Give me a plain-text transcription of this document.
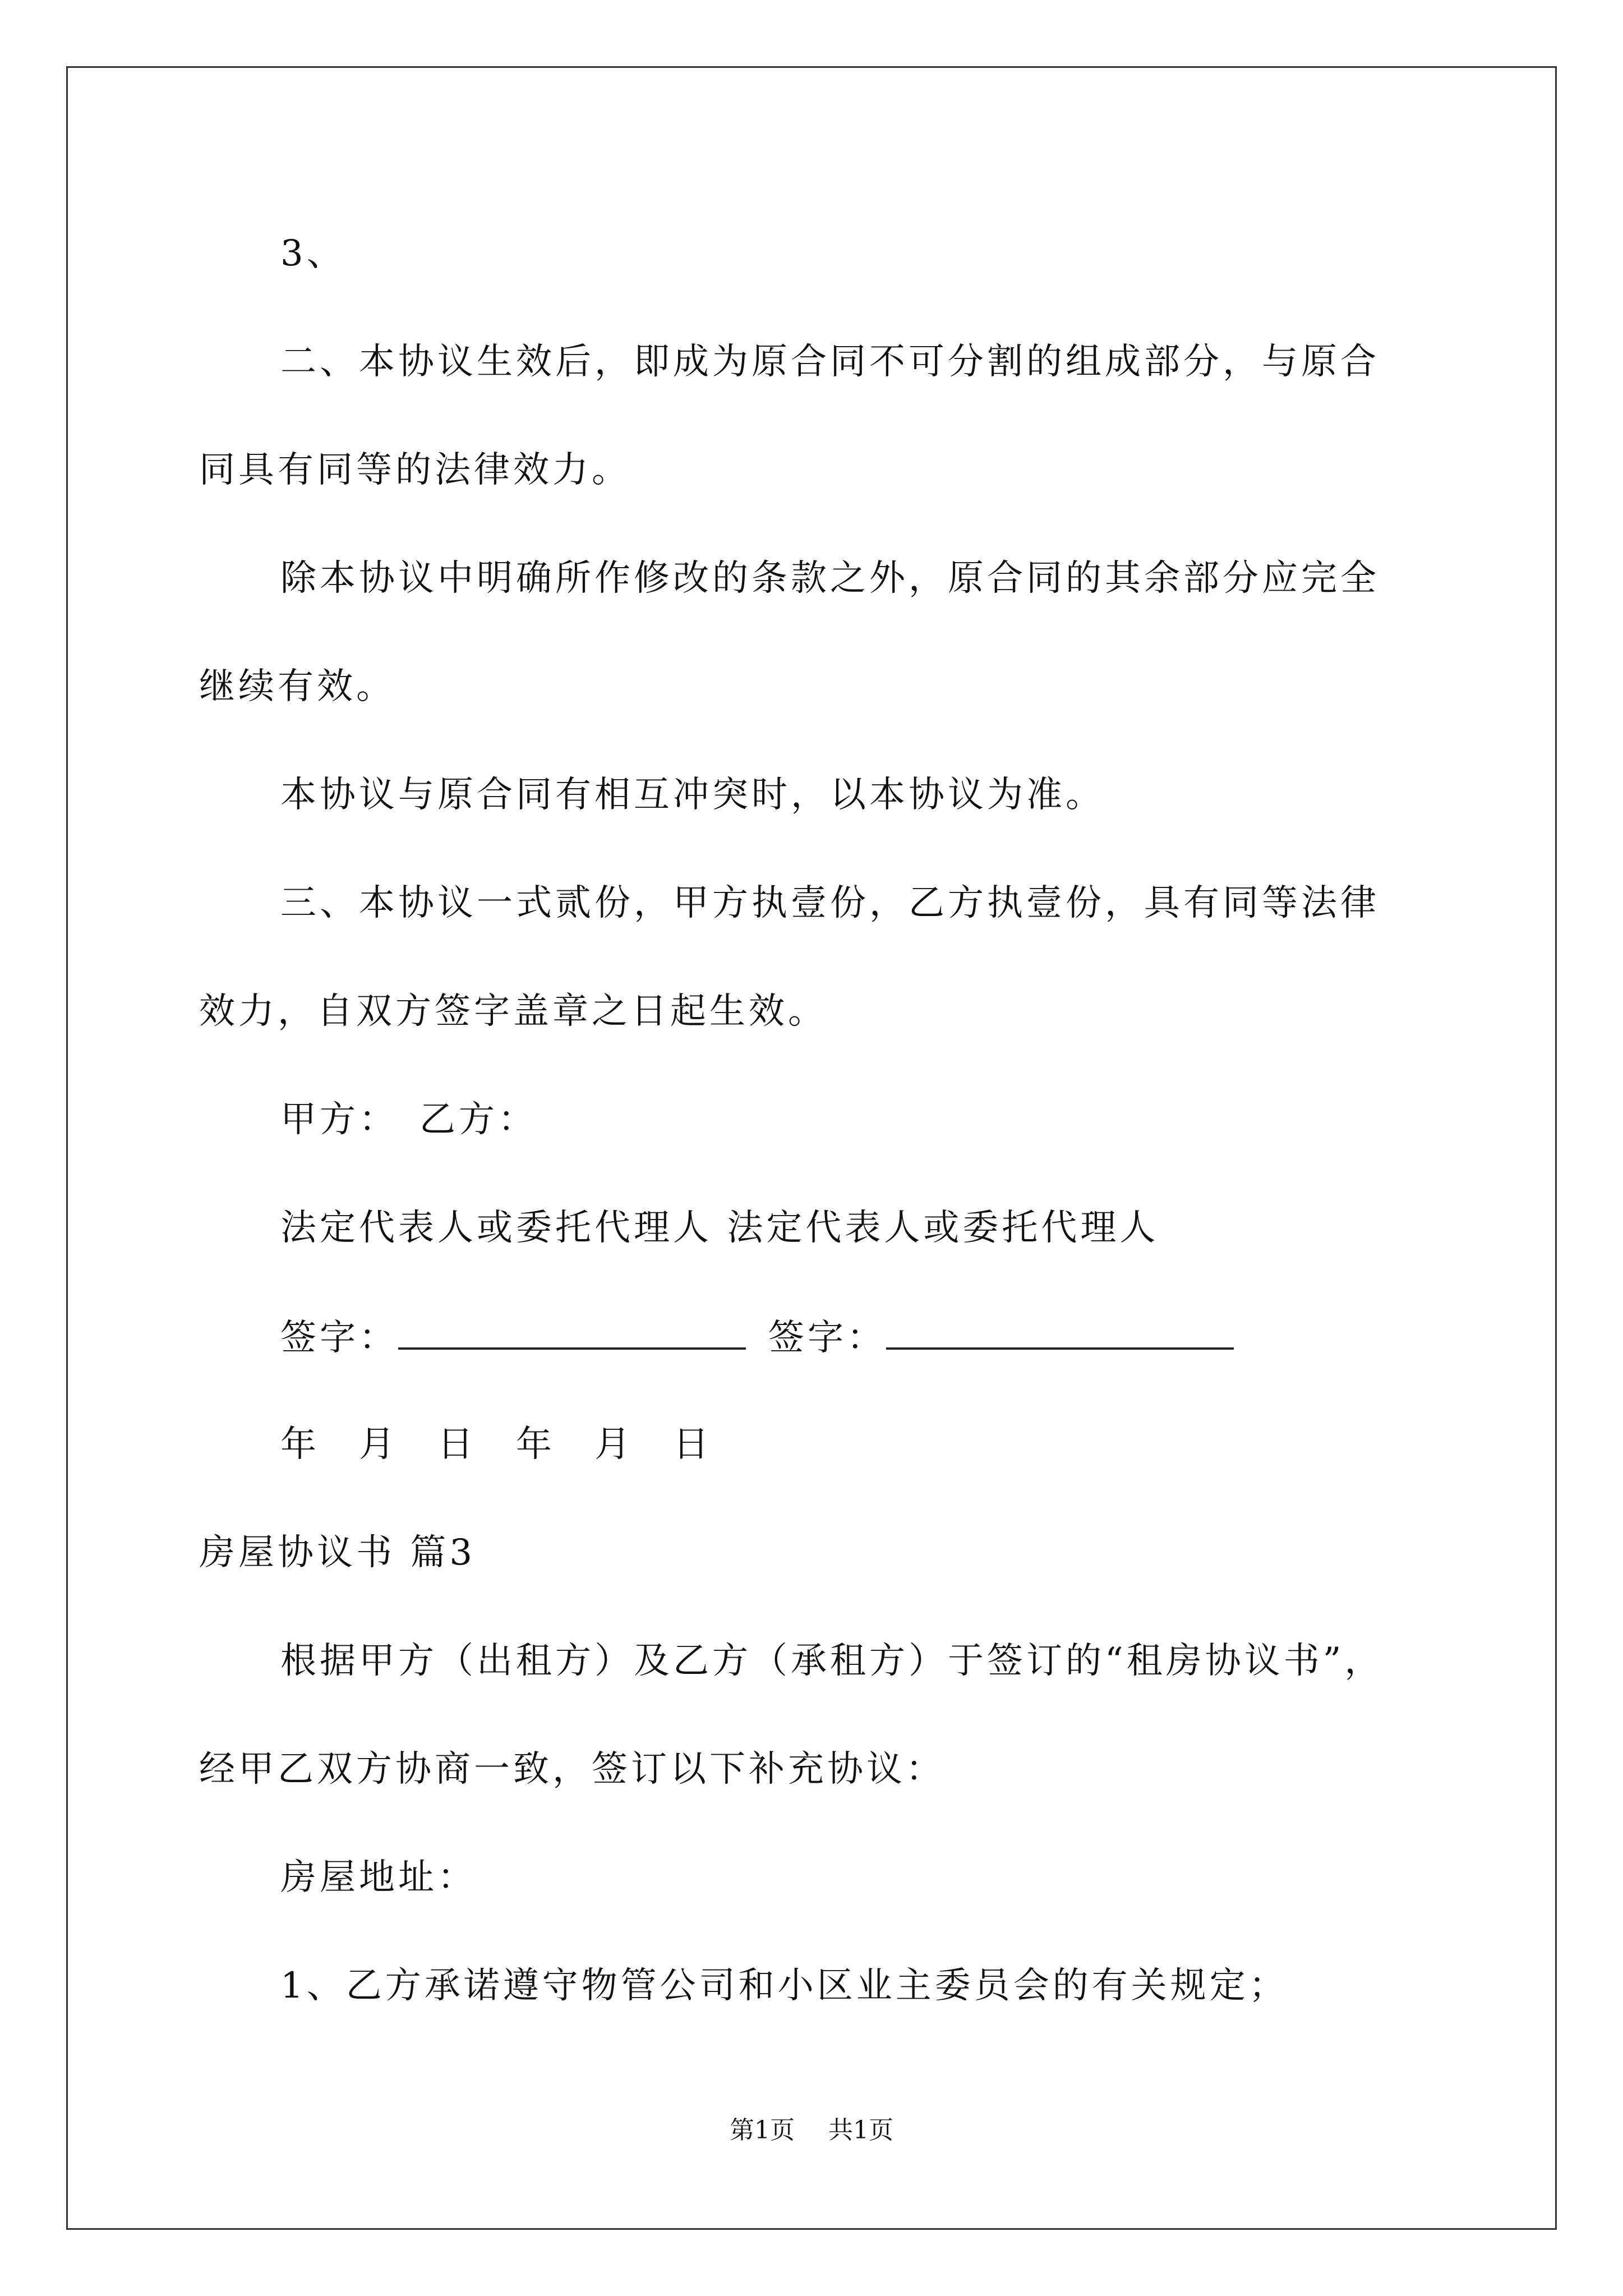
3、
二、本协议生效后，即成为原合同不可分割的组成部分，与原合
同具有同等的法律效力。
除本协议中明确所作修改的条款之外，原合同的其余部分应完全
继续有效。
本协议与原合同有相互冲突时，以本协议为准。
三、本协议一式贰份，甲方执壹份，乙方执壹份，具有同等法律
效力，自双方签字盖章之日起生效。
甲方：　乙方：
法定代表人或委托代理人 法定代表人或委托代理人
签字：	签字：
年　月　日　年　月　日
房屋协议书 篇3
根据甲方（出租方）及乙方（承租方）于签订的“租房协议书”，
经甲乙双方协商一致，签订以下补充协议：
房屋地址：
1、乙方承诺遵守物管公司和小区业主委员会的有关规定；
第1页 共1页
